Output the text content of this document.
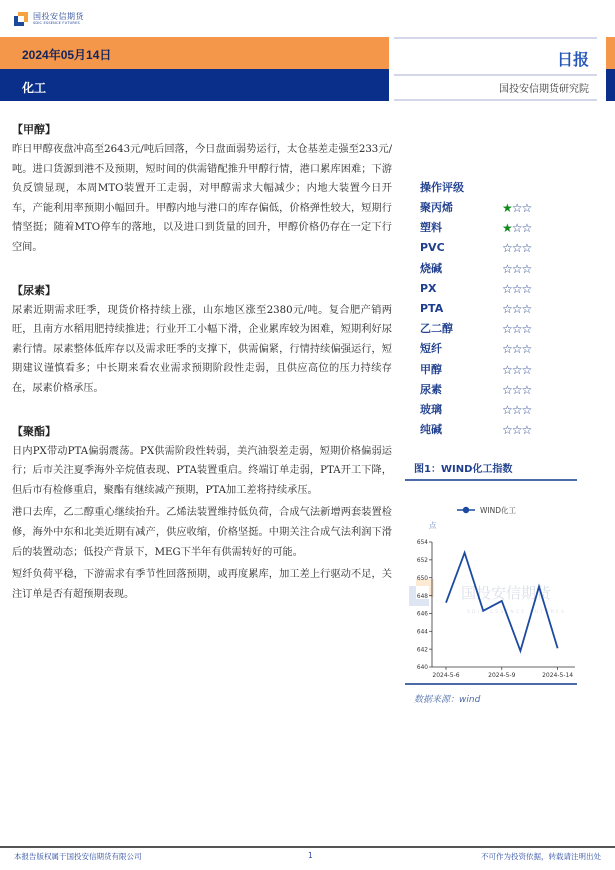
国投安信期货
SDIC ESSENCE FUTURES
2024年05月14日
化工
日报
国投安信期货研究院
【甲醇】

昨日甲醇夜盘冲高至2643元/吨后回落，今日盘面弱势运行，太仓基差走强至233元/吨。进口货源到港不及预期，短时间的供需错配推升甲醇行情，港口累库困难；下游负反馈显现，本周MTO装置开工走弱，对甲醇需求大幅减少；内地大装置今日开车，产能利用率预期小幅回升。甲醇内地与港口的库存偏低，价格弹性较大，短期行情坚挺；随着MTO停车的落地，以及进口到货量的回升，甲醇价格仍存在一定下行空间。

【尿素】

尿素近期需求旺季，现货价格持续上涨，山东地区涨至2380元/吨。复合肥产销两旺，且南方水稻用肥持续推进；行业开工小幅下滑，企业累库较为困难，短期利好尿素行情。尿素整体低库存以及需求旺季的支撑下，供需偏紧，行情持续偏强运行，短期建议谨慎看多；中长期来看农业需求预期阶段性走弱，且供应高位的压力持续存在，尿素价格承压。

【聚酯】

日内PX带动PTA偏弱震荡。PX供需阶段性转弱，美汽油裂差走弱，短期价格偏弱运行；后市关注夏季海外辛烷值表现、PTA装置重启。终端订单走弱，PTA开工下降，但后市有检修重启，聚酯有继续减产预期，PTA加工差将持续承压。

港口去库，乙二醇重心继续抬升。乙烯法装置维持低负荷，合成气法新增两套装置检修，海外中东和北美近期有减产，供应收缩，价格坚挺。中期关注合成气法利润下滑后的装置动态；低投产背景下，MEG下半年有供需转好的可能。

短纤负荷平稳，下游需求有季节性回落预期，或再度累库，加工差上行驱动不足，关注订单是否有超预期表现。

操作评级
聚丙烯	★☆☆
塑料	★☆☆
PVC	☆☆☆
烧碱	☆☆☆
PX	☆☆☆
PTA	☆☆☆
乙二醇	☆☆☆
短纤	☆☆☆
甲醇	☆☆☆
尿素	☆☆☆
玻璃	☆☆☆
纯碱	☆☆☆
图1：WIND化工指数
国投安信期货
SDIC ESSENCE FUTURES
WIND化工
点
640
642
644
646
648
650
652
654
2024-5-6	2024-5-9	2024-5-14
数据来源：wind
本报告版权属于国投安信期货有限公司	1	不可作为投资依据，转载请注明出处
